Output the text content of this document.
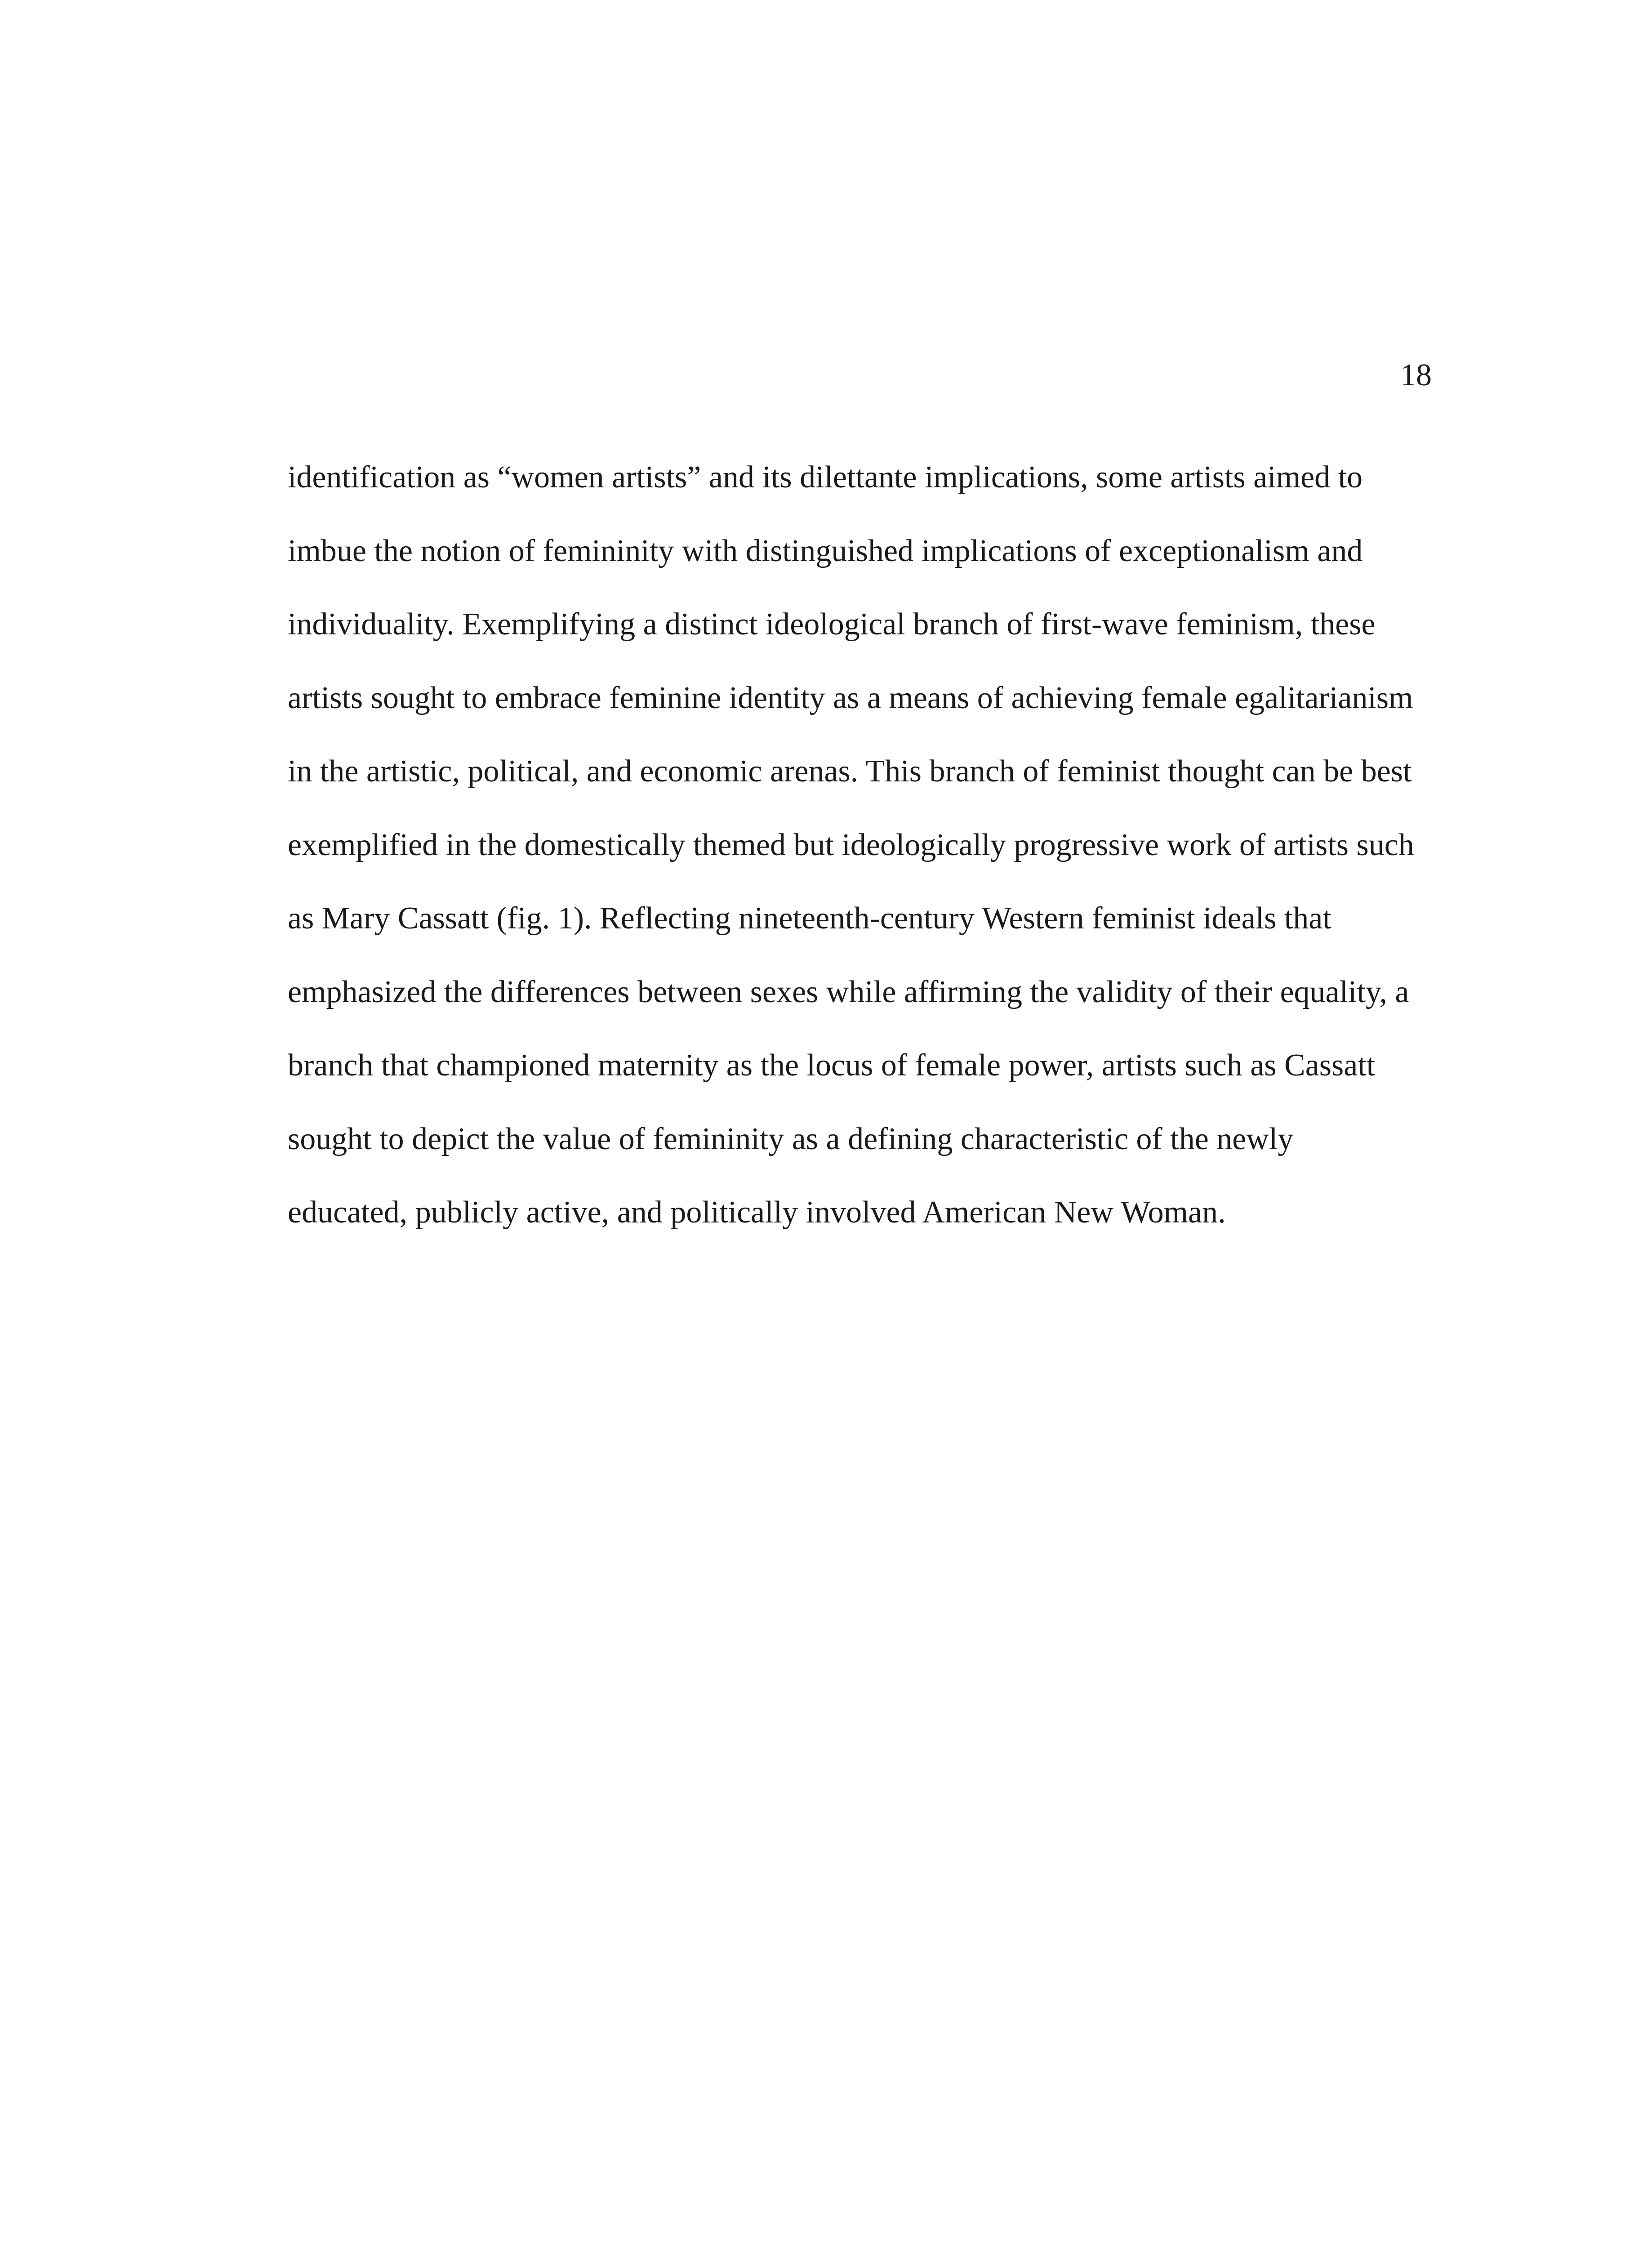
18

identification as “women artists” and its dilettante implications, some artists aimed to
imbue the notion of femininity with distinguished implications of exceptionalism and
individuality. Exemplifying a distinct ideological branch of first-wave feminism, these
artists sought to embrace feminine identity as a means of achieving female egalitarianism
in the artistic, political, and economic arenas. This branch of feminist thought can be best
exemplified in the domestically themed but ideologically progressive work of artists such
as Mary Cassatt (fig. 1). Reflecting nineteenth-century Western feminist ideals that
emphasized the differences between sexes while affirming the validity of their equality, a
branch that championed maternity as the locus of female power, artists such as Cassatt
sought to depict the value of femininity as a defining characteristic of the newly
educated, publicly active, and politically involved American New Woman.
